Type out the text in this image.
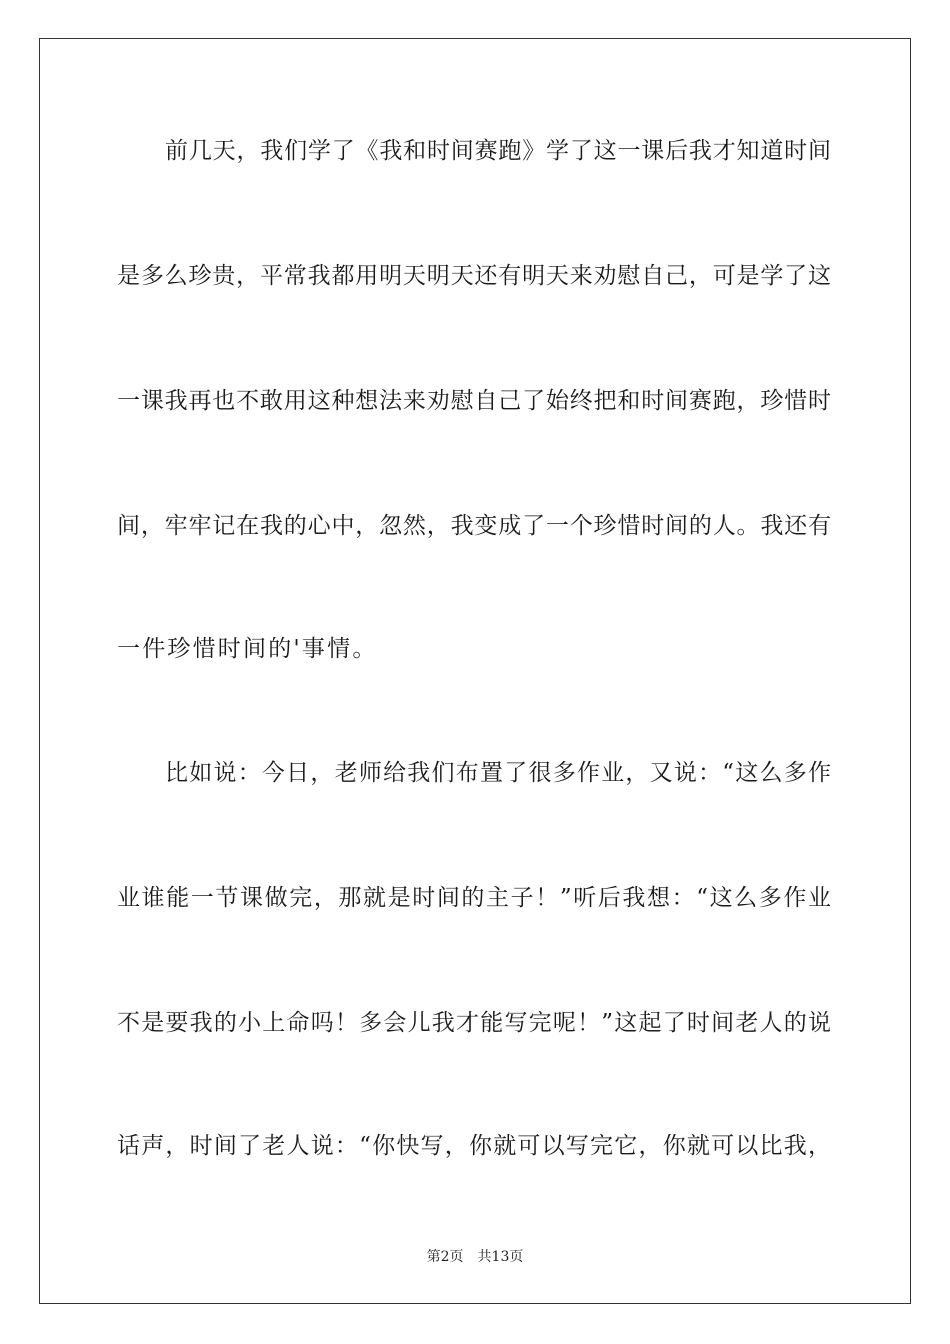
前几天，我们学了《我和时间赛跑》学了这一课后我才知道时间
是多么珍贵，平常我都用明天明天还有明天来劝慰自己，可是学了这
一课我再也不敢用这种想法来劝慰自己了始终把和时间赛跑，珍惜时
间，牢牢记在我的心中，忽然，我变成了一个珍惜时间的人。我还有
一件珍惜时间的'事情。
比如说：今日，老师给我们布置了很多作业，又说：“这么多作
业谁能一节课做完，那就是时间的主子！”听后我想：“这么多作业
不是要我的小上命吗！多会儿我才能写完呢！”这起了时间老人的说
话声，时间了老人说：“你快写，你就可以写完它，你就可以比我，
第2页 共13页
